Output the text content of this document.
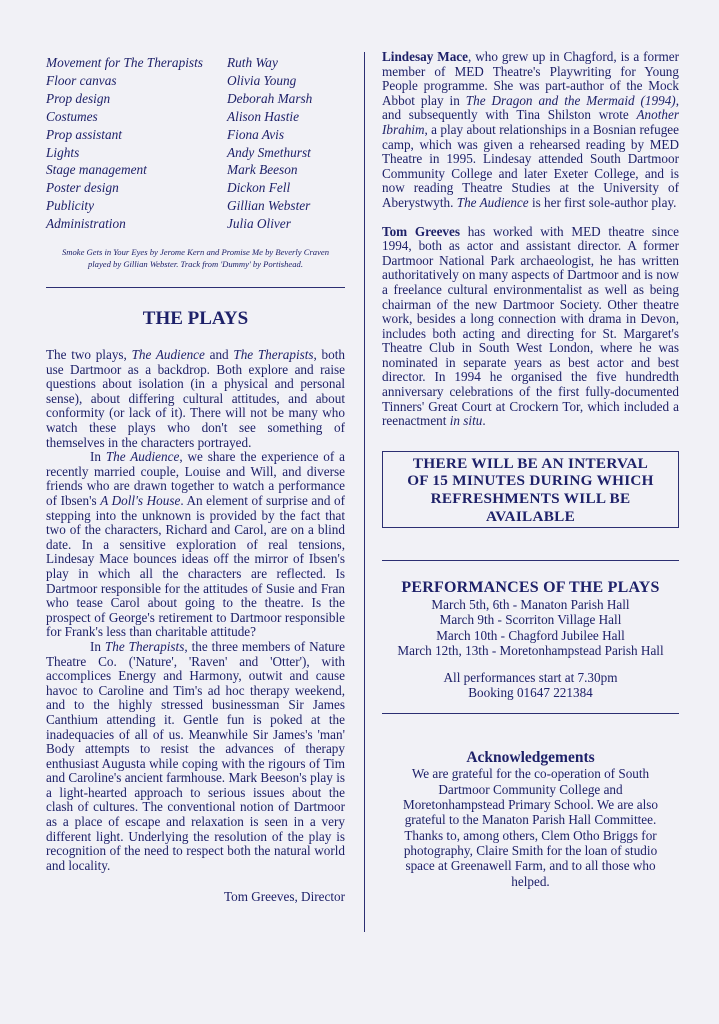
Movement for The Therapists	Ruth Way
Floor canvas	Olivia Young
Prop design	Deborah Marsh
Costumes	Alison Hastie
Prop assistant	Fiona Avis
Lights	Andy Smethurst
Stage management	Mark Beeson
Poster design	Dickon Fell
Publicity	Gillian Webster
Administration	Julia Oliver
Smoke Gets in Your Eyes by Jerome Kern and Promise Me by Beverly Craven played by Gillian Webster. Track from 'Dummy' by Portishead.
THE PLAYS

The two plays, The Audience and The Therapists, both use Dartmoor as a backdrop. Both explore and raise questions about isolation (in a physical and personal sense), about differing cultural attitudes, and about conformity (or lack of it). There will not be many who watch these plays who don't see something of themselves in the characters portrayed.

In The Audience, we share the experience of a recently married couple, Louise and Will, and diverse friends who are drawn together to watch a performance of Ibsen's A Doll's House. An element of surprise and of stepping into the unknown is provided by the fact that two of the characters, Richard and Carol, are on a blind date. In a sensitive exploration of real tensions, Lindesay Mace bounces ideas off the mirror of Ibsen's play in which all the characters are reflected. Is Dartmoor responsible for the attitudes of Susie and Fran who tease Carol about going to the theatre. Is the prospect of George's retirement to Dartmoor responsible for Frank's less than charitable attitude?

In The Therapists, the three members of Nature Theatre Co. ('Nature', 'Raven' and 'Otter'), with accomplices Energy and Harmony, outwit and cause havoc to Caroline and Tim's ad hoc therapy weekend, and to the highly stressed businessman Sir James Canthium attending it. Gentle fun is poked at the inadequacies of all of us. Meanwhile Sir James's 'man' Body attempts to resist the advances of therapy enthusiast Augusta while coping with the rigours of Tim and Caroline's ancient farmhouse. Mark Beeson's play is a light-hearted approach to serious issues about the clash of cultures. The conventional notion of Dartmoor as a place of escape and relaxation is seen in a very different light. Underlying the resolution of the play is recognition of the need to respect both the natural world and locality.

Tom Greeves, Director

Lindesay Mace, who grew up in Chagford, is a former member of MED Theatre's Playwriting for Young People programme. She was part-author of the Mock Abbot play in The Dragon and the Mermaid (1994), and subsequently with Tina Shilston wrote Another Ibrahim, a play about relationships in a Bosnian refugee camp, which was given a rehearsed reading by MED Theatre in 1995. Lindesay attended South Dartmoor Community College and later Exeter College, and is now reading Theatre Studies at the University of Aberystwyth. The Audience is her first sole-author play.

Tom Greeves has worked with MED theatre since 1994, both as actor and assistant director. A former Dartmoor National Park archaeologist, he has written authoritatively on many aspects of Dartmoor and is now a freelance cultural environmentalist as well as being chairman of the new Dartmoor Society. Other theatre work, besides a long connection with drama in Devon, includes both acting and directing for St. Margaret's Theatre Club in South West London, where he was nominated in separate years as best actor and best director. In 1994 he organised the five hundredth anniversary celebrations of the first fully-documented Tinners' Great Court at Crockern Tor, which included a reenactment in situ.

THERE WILL BE AN INTERVAL
OF 15 MINUTES DURING WHICH
REFRESHMENTS WILL BE
AVAILABLE
PERFORMANCES OF THE PLAYS
March 5th, 6th - Manaton Parish Hall
March 9th - Scorriton Village Hall
March 10th - Chagford Jubilee Hall
March 12th, 13th - Moretonhampstead Parish Hall
All performances start at 7.30pm
Booking 01647 221384
Acknowledgements
We are grateful for the co-operation of South
Dartmoor Community College and
Moretonhampstead Primary School. We are also
grateful to the Manaton Parish Hall Committee.
Thanks to, among others, Clem Otho Briggs for
photography, Claire Smith for the loan of studio
space at Greenawell Farm, and to all those who
helped.
